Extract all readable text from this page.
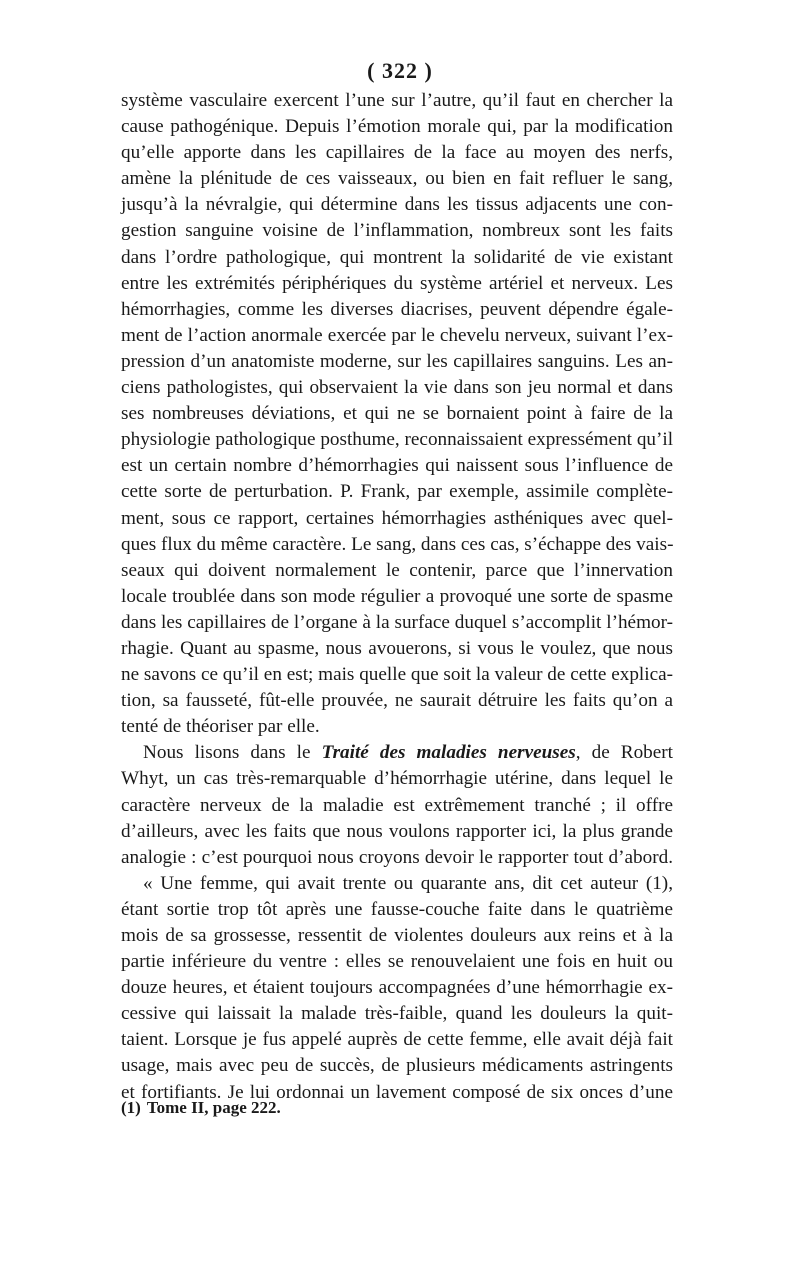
( 322 )
système vasculaire exercent l’une sur l’autre, qu’il faut en chercher la
cause pathogénique. Depuis l’émotion morale qui, par la modification
qu’elle apporte dans les capillaires de la face au moyen des nerfs,
amène la plénitude de ces vaisseaux, ou bien en fait refluer le sang,
jusqu’à la névralgie, qui détermine dans les tissus adjacents une con-
gestion sanguine voisine de l’inflammation, nombreux sont les faits
dans l’ordre pathologique, qui montrent la solidarité de vie existant
entre les extrémités périphériques du système artériel et nerveux. Les
hémorrhagies, comme les diverses diacrises, peuvent dépendre égale-
ment de l’action anormale exercée par le chevelu nerveux, suivant l’ex-
pression d’un anatomiste moderne, sur les capillaires sanguins. Les an-
ciens pathologistes, qui observaient la vie dans son jeu normal et dans
ses nombreuses déviations, et qui ne se bornaient point à faire de la
physiologie pathologique posthume, reconnaissaient expressément qu’il
est un certain nombre d’hémorrhagies qui naissent sous l’influence de
cette sorte de perturbation. P. Frank, par exemple, assimile complète-
ment, sous ce rapport, certaines hémorrhagies asthéniques avec quel-
ques flux du même caractère. Le sang, dans ces cas, s’échappe des vais-
seaux qui doivent normalement le contenir, parce que l’innervation
locale troublée dans son mode régulier a provoqué une sorte de spasme
dans les capillaires de l’organe à la surface duquel s’accomplit l’hémor-
rhagie. Quant au spasme, nous avouerons, si vous le voulez, que nous
ne savons ce qu’il en est; mais quelle que soit la valeur de cette explica-
tion, sa fausseté, fût-elle prouvée, ne saurait détruire les faits qu’on a
tenté de théoriser par elle.
Nous lisons dans le Traité des maladies nerveuses, de Robert
Whyt, un cas très-remarquable d’hémorrhagie utérine, dans lequel le
caractère nerveux de la maladie est extrêmement tranché ; il offre
d’ailleurs, avec les faits que nous voulons rapporter ici, la plus grande
analogie : c’est pourquoi nous croyons devoir le rapporter tout d’abord.
« Une femme, qui avait trente ou quarante ans, dit cet auteur (1),
étant sortie trop tôt après une fausse-couche faite dans le quatrième
mois de sa grossesse, ressentit de violentes douleurs aux reins et à la
partie inférieure du ventre : elles se renouvelaient une fois en huit ou
douze heures, et étaient toujours accompagnées d’une hémorrhagie ex-
cessive qui laissait la malade très-faible, quand les douleurs la quit-
taient. Lorsque je fus appelé auprès de cette femme, elle avait déjà fait
usage, mais avec peu de succès, de plusieurs médicaments astringents
et fortifiants. Je lui ordonnai un lavement composé de six onces d’une
(1) Tome II, page 222.
